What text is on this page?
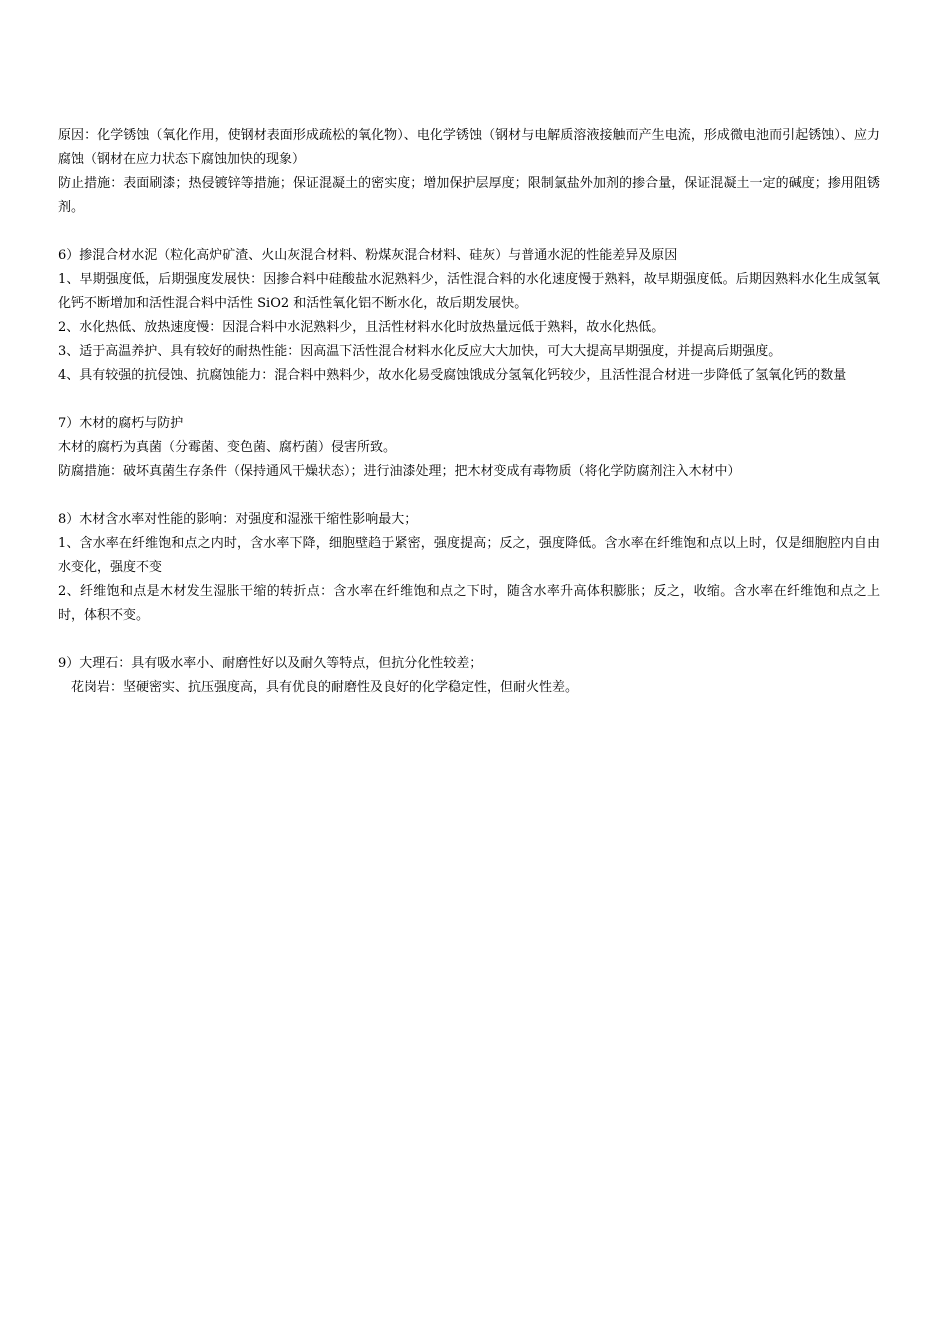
原因：化学锈蚀（氧化作用，使钢材表面形成疏松的氧化物）、电化学锈蚀（钢材与电解质溶液接触而产生电流，形成微电池而引起锈蚀）、应力腐蚀（钢材在应力状态下腐蚀加快的现象）

防止措施：表面刷漆；热侵镀锌等措施；保证混凝土的密实度；增加保护层厚度；限制氯盐外加剂的掺合量，保证混凝土一定的碱度；掺用阻锈剂。

6）掺混合材水泥（粒化高炉矿渣、火山灰混合材料、粉煤灰混合材料、硅灰）与普通水泥的性能差异及原因

1、早期强度低，后期强度发展快：因掺合料中硅酸盐水泥熟料少，活性混合料的水化速度慢于熟料，故早期强度低。后期因熟料水化生成氢氧化钙不断增加和活性混合料中活性 SiO2 和活性氧化铝不断水化，故后期发展快。

2、水化热低、放热速度慢：因混合料中水泥熟料少，且活性材料水化时放热量远低于熟料，故水化热低。

3、适于高温养护、具有较好的耐热性能：因高温下活性混合材料水化反应大大加快，可大大提高早期强度，并提高后期强度。

4、具有较强的抗侵蚀、抗腐蚀能力：混合料中熟料少，故水化易受腐蚀饿成分氢氧化钙较少，且活性混合材进一步降低了氢氧化钙的数量

7）木材的腐朽与防护

木材的腐朽为真菌（分霉菌、变色菌、腐朽菌）侵害所致。

防腐措施：破坏真菌生存条件（保持通风干燥状态）；进行油漆处理；把木材变成有毒物质（将化学防腐剂注入木材中）

8）木材含水率对性能的影响：对强度和湿涨干缩性影响最大；

1、含水率在纤维饱和点之内时，含水率下降，细胞壁趋于紧密，强度提高；反之，强度降低。含水率在纤维饱和点以上时，仅是细胞腔内自由水变化，强度不变

2、纤维饱和点是木材发生湿胀干缩的转折点：含水率在纤维饱和点之下时，随含水率升高体积膨胀；反之，收缩。含水率在纤维饱和点之上时，体积不变。

9）大理石：具有吸水率小、耐磨性好以及耐久等特点，但抗分化性较差；

花岗岩：坚硬密实、抗压强度高，具有优良的耐磨性及良好的化学稳定性，但耐火性差。
